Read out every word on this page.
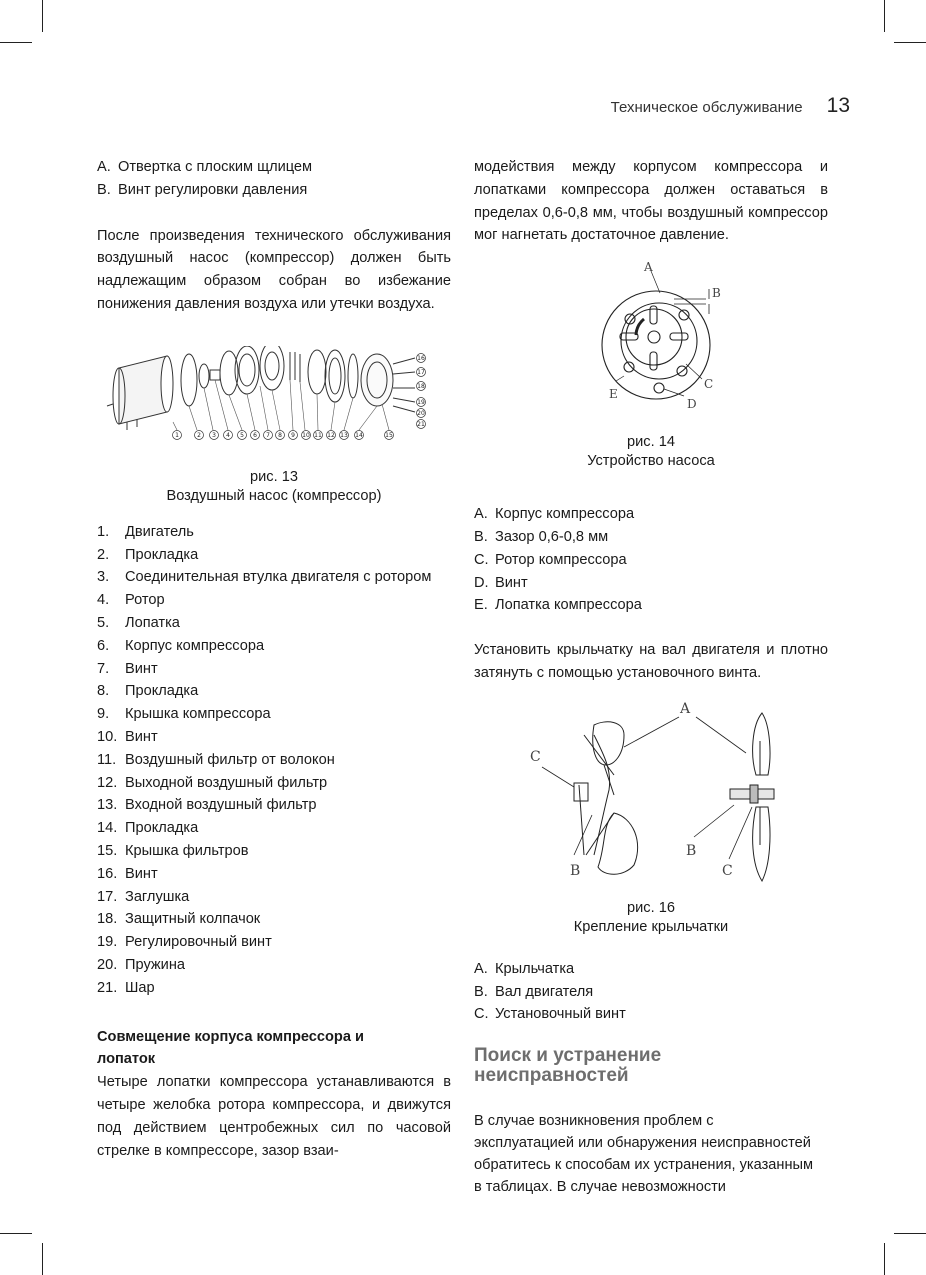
Техническое обслуживание 13
A. Отвертка с плоским щлицем
B. Винт регулировки давления

После произведения технического обслуживания воздушный насос (компрессор) должен быть надлежащим образом собран во избежание понижения давления воздуха или утечки воздуха.

1	2 3 4 5 6 7 8 9 10 11 12 13 14	15
16
17
18
19
20
21
рис. 13
Воздушный насос (компрессор)
1.	Двигатель
2.	Прокладка
3.	Соединительная втулка двигателя с ротором
4.	Ротор
5.	Лопатка
6.	Корпус компрессора
7.	Винт
8.	Прокладка
9.	Крышка компрессора
10. Винт
11. Воздушный фильтр от волокон
12. Выходной воздушный фильтр
13. Входной воздушный фильтр
14. Прокладка
15. Крышка фильтров
16. Винт
17. Заглушка
18. Защитный колпачок
19. Регулировочный винт
20. Пружина
21. Шар
Совмещение корпуса компрессора и лопаток

Четыре лопатки компрессора устанавливаются в четыре желобка ротора компрессора, и движутся под действием центробежных сил по часовой стрелке в компрессоре, зазор взаи-

модействия между корпусом компрессора и лопатками компрессора должен оставаться в пределах 0,6-0,8 мм, чтобы воздушный компрессор мог нагнетать достаточное давление.

A
B
C
D
E
рис. 14
Устройство насоса
A. Корпус компрессора
B. Зазор 0,6-0,8 мм
C. Ротор компрессора
D. Винт
E. Лопатка компрессора

Установить крыльчатку на вал двигателя и плотно затянуть с помощью установочного винта.

A
B
B
C
C
рис. 16
Крепление крыльчатки
A. Крыльчатка
B. Вал двигателя
C. Установочный винт
Поиск и устранение неисправностей

В случае возникновения проблем с эксплуатацией или обнаружения неисправностей обратитесь к способам их устранения, указанным в таблицах. В случае невозможности
